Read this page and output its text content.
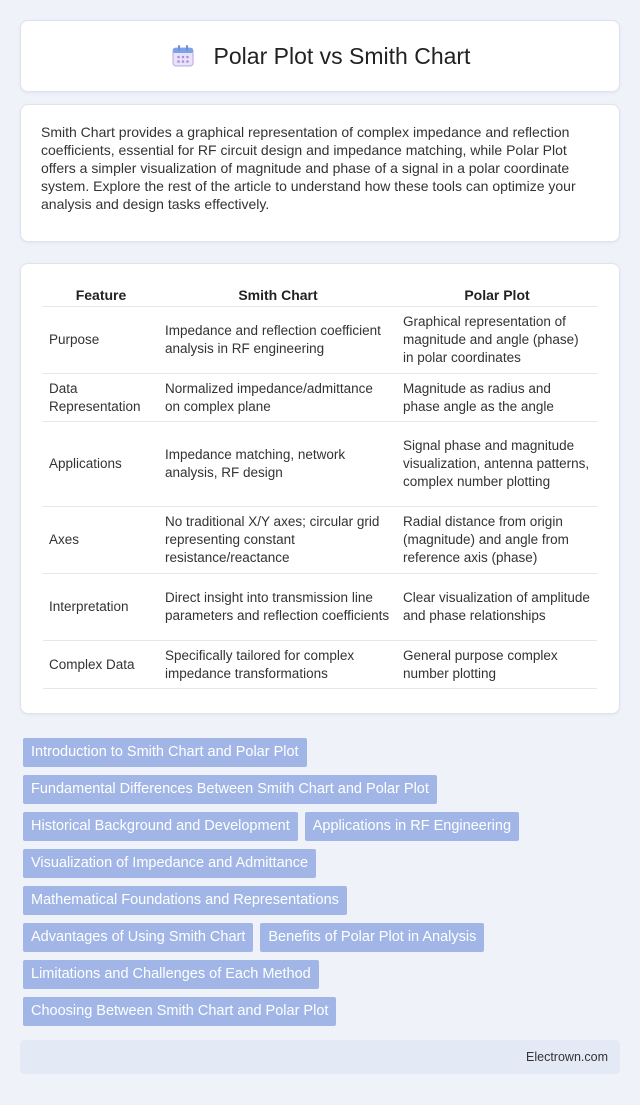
Polar Plot vs Smith Chart

Smith Chart provides a graphical representation of complex impedance and reflection coefficients, essential for RF circuit design and impedance matching, while Polar Plot offers a simpler visualization of magnitude and phase of a signal in a polar coordinate system. Explore the rest of the article to understand how these tools can optimize your analysis and design tasks effectively.

Feature	Smith Chart	Polar Plot
Purpose	Impedance and reflection coefficient analysis in RF engineering	Graphical representation of magnitude and angle (phase) in polar coordinates
Data Representation	Normalized impedance/admittance on complex plane	Magnitude as radius and phase angle as the angle
Applications	Impedance matching, network analysis, RF design	Signal phase and magnitude visualization, antenna patterns, complex number plotting
Axes	No traditional X/Y axes; circular grid representing constant resistance/reactance	Radial distance from origin (magnitude) and angle from reference axis (phase)
Interpretation	Direct insight into transmission line parameters and reflection coefficients	Clear visualization of amplitude and phase relationships
Complex Data	Specifically tailored for complex impedance transformations	General purpose complex number plotting
Introduction to Smith Chart and Polar Plot
Fundamental Differences Between Smith Chart and Polar Plot
Historical Background and Development	Applications in RF Engineering
Visualization of Impedance and Admittance
Mathematical Foundations and Representations
Advantages of Using Smith Chart	Benefits of Polar Plot in Analysis
Limitations and Challenges of Each Method
Choosing Between Smith Chart and Polar Plot
Electrown.com
